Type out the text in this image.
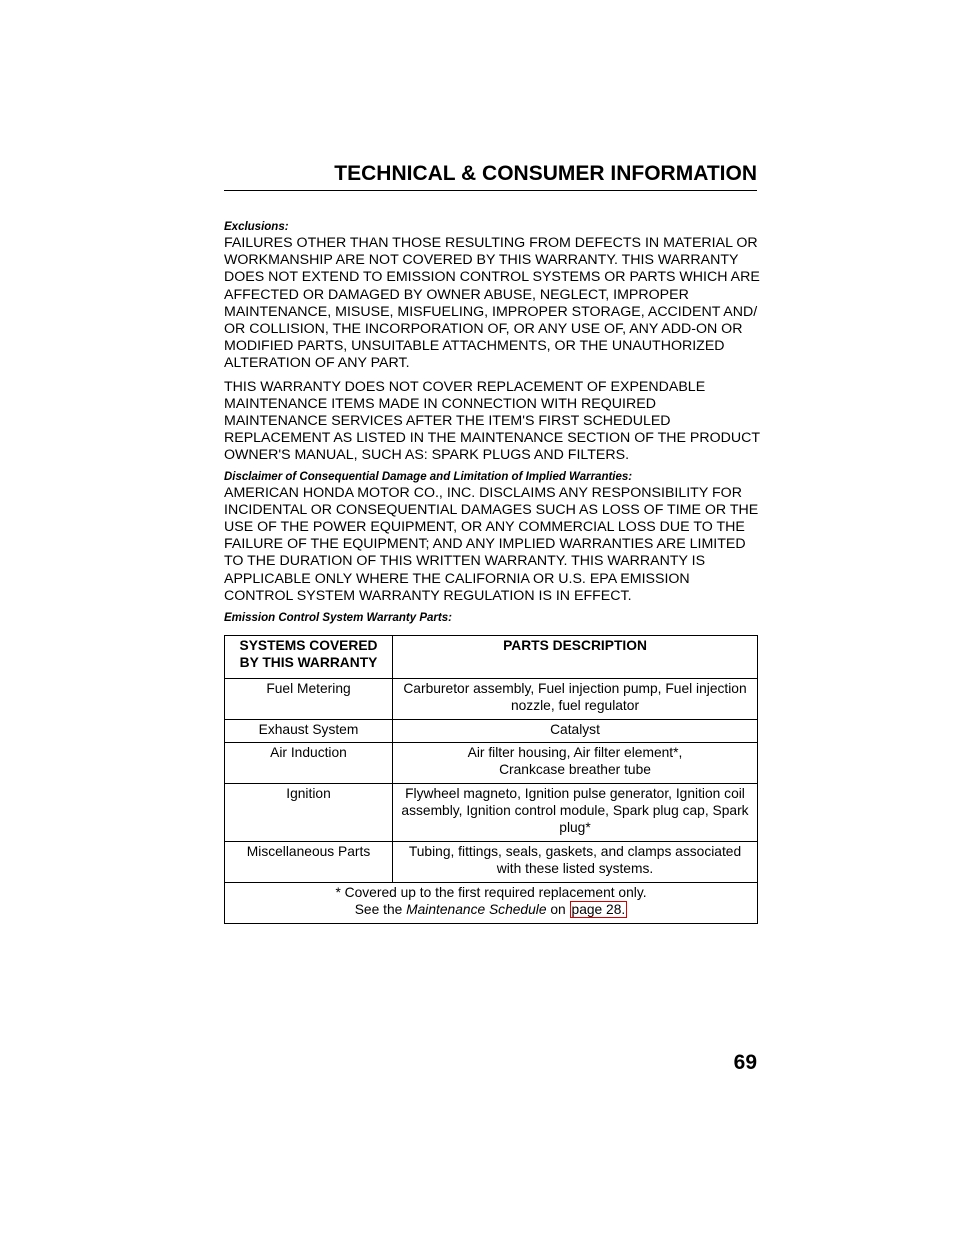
TECHNICAL & CONSUMER INFORMATION
Exclusions:

FAILURES OTHER THAN THOSE RESULTING FROM DEFECTS IN MATERIAL OR WORKMANSHIP ARE NOT COVERED BY THIS WARRANTY. THIS WARRANTY DOES NOT EXTEND TO EMISSION CONTROL SYSTEMS OR PARTS WHICH ARE AFFECTED OR DAMAGED BY OWNER ABUSE, NEGLECT, IMPROPER MAINTENANCE, MISUSE, MISFUELING, IMPROPER STORAGE, ACCIDENT AND/ OR COLLISION, THE INCORPORATION OF, OR ANY USE OF, ANY ADD-ON OR MODIFIED PARTS, UNSUITABLE ATTACHMENTS, OR THE UNAUTHORIZED ALTERATION OF ANY PART.

THIS WARRANTY DOES NOT COVER REPLACEMENT OF EXPENDABLE MAINTENANCE ITEMS MADE IN CONNECTION WITH REQUIRED MAINTENANCE SERVICES AFTER THE ITEM'S FIRST SCHEDULED REPLACEMENT AS LISTED IN THE MAINTENANCE SECTION OF THE PRODUCT OWNER'S MANUAL, SUCH AS: SPARK PLUGS AND FILTERS.

Disclaimer of Consequential Damage and Limitation of Implied Warranties:

AMERICAN HONDA MOTOR CO., INC. DISCLAIMS ANY RESPONSIBILITY FOR INCIDENTAL OR CONSEQUENTIAL DAMAGES SUCH AS LOSS OF TIME OR THE USE OF THE POWER EQUIPMENT, OR ANY COMMERCIAL LOSS DUE TO THE FAILURE OF THE EQUIPMENT; AND ANY IMPLIED WARRANTIES ARE LIMITED TO THE DURATION OF THIS WRITTEN WARRANTY. THIS WARRANTY IS APPLICABLE ONLY WHERE THE CALIFORNIA OR U.S. EPA EMISSION CONTROL SYSTEM WARRANTY REGULATION IS IN EFFECT.

Emission Control System Warranty Parts:
SYSTEMS COVERED BY THIS WARRANTY	PARTS DESCRIPTION
Fuel Metering	Carburetor assembly, Fuel injection pump, Fuel injection nozzle, fuel regulator
Exhaust System	Catalyst
Air Induction	Air filter housing, Air filter element*, Crankcase breather tube
Ignition	Flywheel magneto, Ignition pulse generator, Ignition coil assembly, Ignition control module, Spark plug cap, Spark plug*
Miscellaneous Parts	Tubing, fittings, seals, gaskets, and clamps associated with these listed systems.

* Covered up to the first required replacement only.
See the Maintenance Schedule on page 28.	
69
